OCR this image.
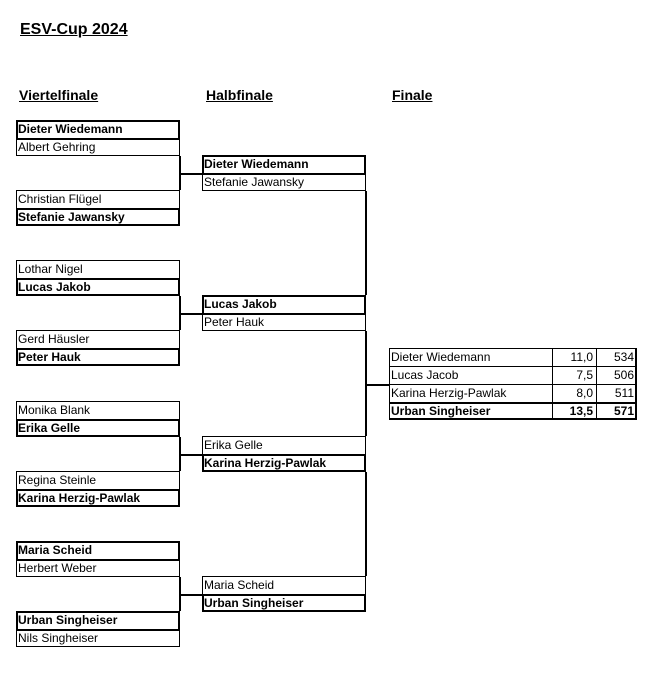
ESV-Cup 2024
Viertelfinale	Halbfinale	Finale
Dieter Wiedemann
Albert Gehring
Christian Flügel
Stefanie Jawansky
Lothar Nigel
Lucas Jakob
Gerd Häusler
Peter Hauk
Monika Blank
Erika Gelle
Regina Steinle
Karina Herzig-Pawlak
Maria Scheid
Herbert Weber
Urban Singheiser
Nils Singheiser
Dieter Wiedemann
Stefanie Jawansky
Lucas Jakob
Peter Hauk
Erika Gelle
Karina Herzig-Pawlak
Maria Scheid
Urban Singheiser
Dieter Wiedemann	11,0	534
Lucas Jacob	7,5	506
Karina Herzig-Pawlak	8,0	511
Urban Singheiser	13,5	571
